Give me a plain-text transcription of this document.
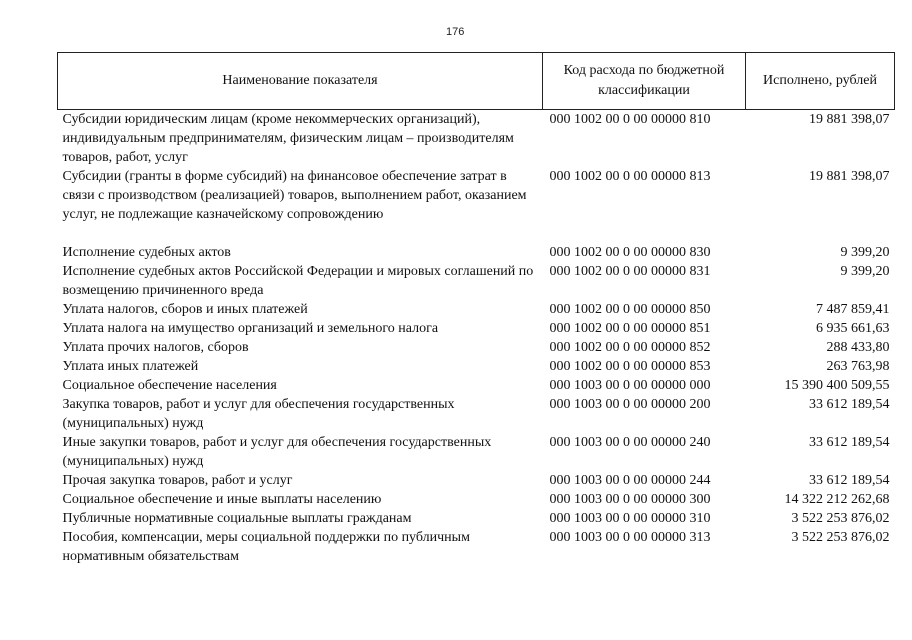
176
Наименование показателя	Код расхода по бюджетной классификации	Исполнено, рублей
Субсидии юридическим лицам (кроме некоммерческих организаций), индивидуальным предпринимателям, физическим лицам – производителям товаров, работ, услуг	000 1002 00 0 00 00000 810	19 881 398,07
Субсидии (гранты в форме субсидий) на финансовое обеспечение затрат в связи с производством (реализацией) товаров, выполнением работ, оказанием услуг, не подлежащие казначейскому сопровождению	000 1002 00 0 00 00000 813	19 881 398,07

Исполнение судебных актов	000 1002 00 0 00 00000 830	9 399,20
Исполнение судебных актов Российской Федерации и мировых соглашений по возмещению причиненного вреда	000 1002 00 0 00 00000 831	9 399,20
Уплата налогов, сборов и иных платежей	000 1002 00 0 00 00000 850	7 487 859,41
Уплата налога на имущество организаций и земельного налога	000 1002 00 0 00 00000 851	6 935 661,63
Уплата прочих налогов, сборов	000 1002 00 0 00 00000 852	288 433,80
Уплата иных платежей	000 1002 00 0 00 00000 853	263 763,98
Социальное обеспечение населения	000 1003 00 0 00 00000 000	15 390 400 509,55
Закупка товаров, работ и услуг для обеспечения государственных (муниципальных) нужд	000 1003 00 0 00 00000 200	33 612 189,54
Иные закупки товаров, работ и услуг для обеспечения государственных (муниципальных) нужд	000 1003 00 0 00 00000 240	33 612 189,54
Прочая закупка товаров, работ и услуг	000 1003 00 0 00 00000 244	33 612 189,54
Социальное обеспечение и иные выплаты населению	000 1003 00 0 00 00000 300	14 322 212 262,68
Публичные нормативные социальные выплаты гражданам	000 1003 00 0 00 00000 310	3 522 253 876,02
Пособия, компенсации, меры социальной поддержки по публичным нормативным обязательствам	000 1003 00 0 00 00000 313	3 522 253 876,02
